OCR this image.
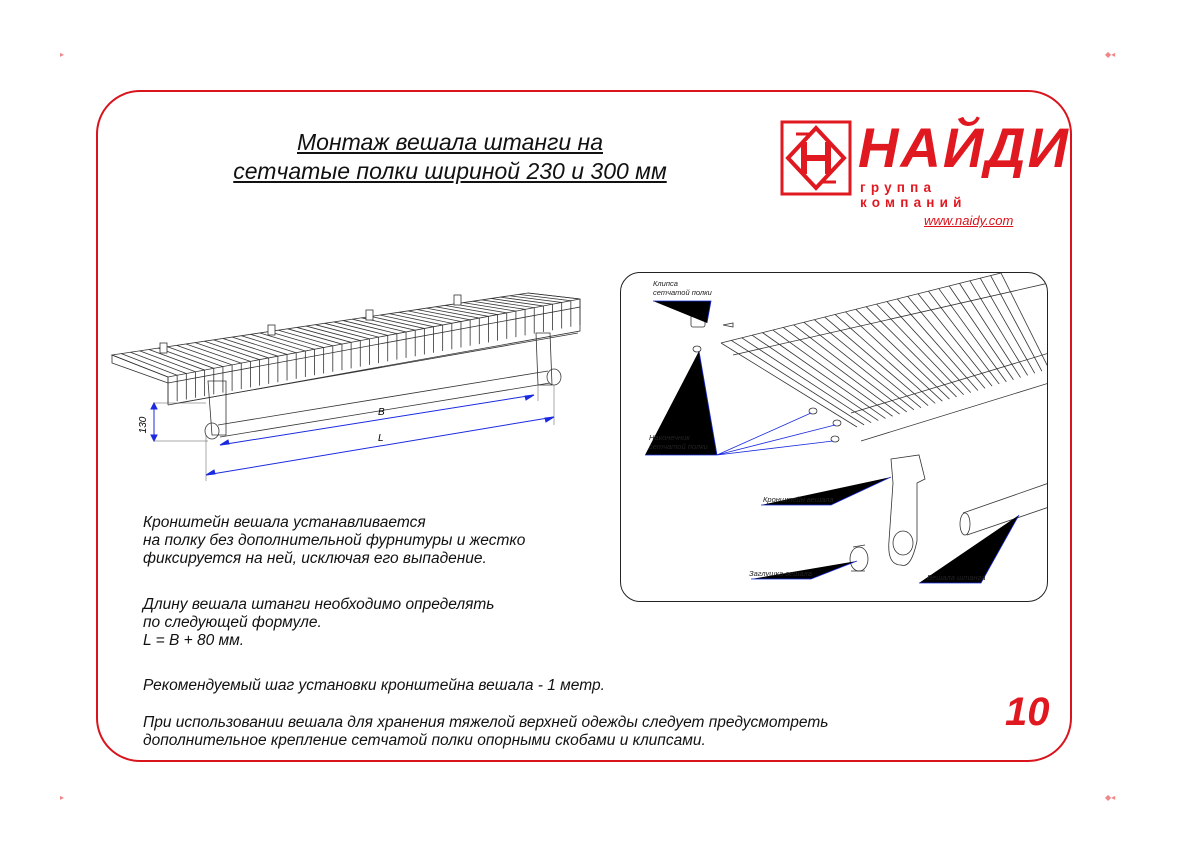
▸	◆◂
▸	◆◂
Монтаж вешала штанги на
сетчатые полки шириной 230 и 300 мм	НАЙДИ
группа компаний
www.naidy.com
130
B
L
Клипса
сетчатой полки
Наконечник
сетчатой полки
Кронштейн вешала
Заглушка вешала	Вешала штанга
Кронштейн вешала устанавливается
на полку без дополнительной фурнитуры и жестко
фиксируется на ней, исключая его выпадение.
Длину вешала штанги необходимо определять
по следующей формуле.
L = B + 80 мм.
Рекомендуемый шаг установки кронштейна вешала - 1 метр.
При использовании вешала для хранения тяжелой верхней одежды следует предусмотреть
дополнительное крепление сетчатой полки опорными скобами и клипсами.
10
